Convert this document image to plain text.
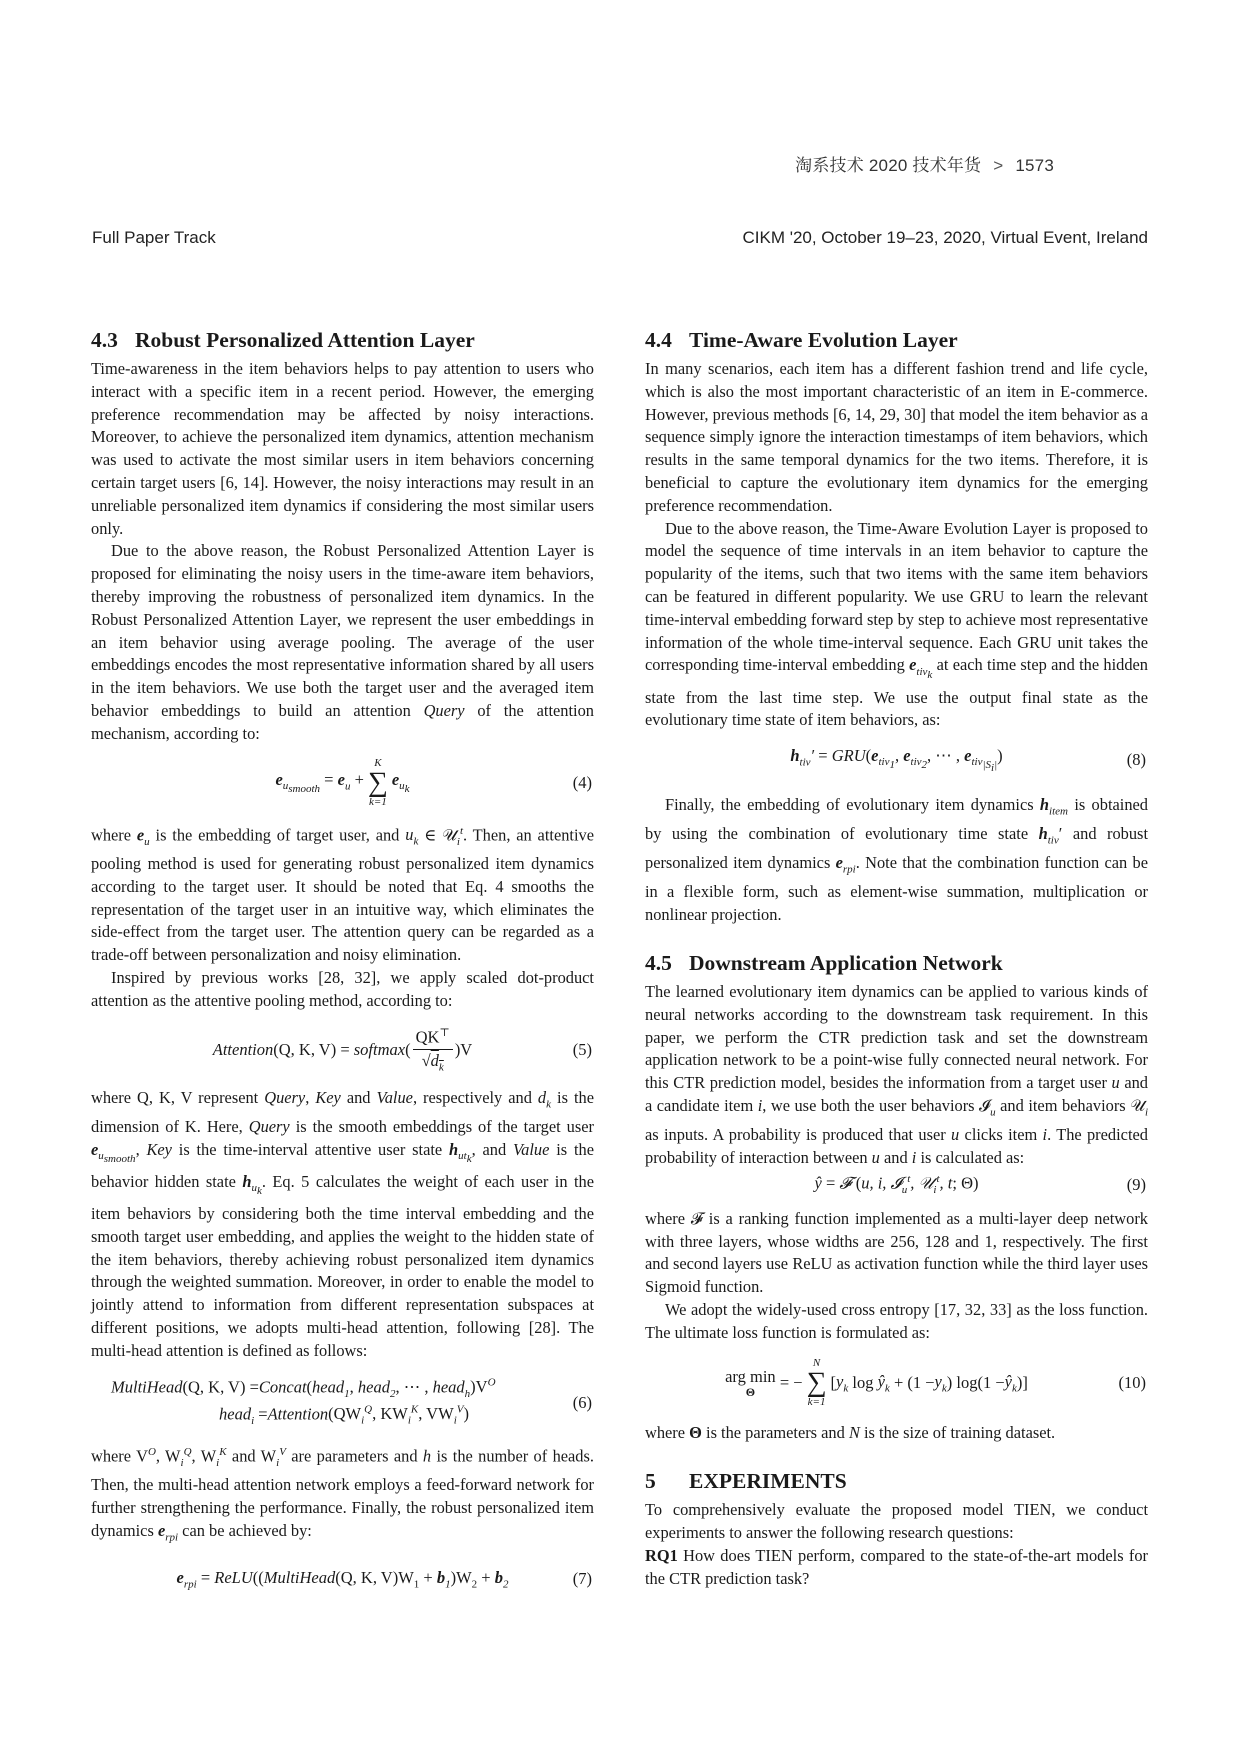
淘系技术 2020 技术年货 > 1573
Full Paper Track	CIKM '20, October 19–23, 2020, Virtual Event, Ireland
4.3 Robust Personalized Attention Layer

Time-awareness in the item behaviors helps to pay attention to users who interact with a specific item in a recent period. However, the emerging preference recommendation may be affected by noisy interactions. Moreover, to achieve the personalized item dynamics, attention mechanism was used to activate the most similar users in item behaviors concerning certain target users [6, 14]. However, the noisy interactions may result in an unreliable personalized item dynamics if considering the most similar users only.

Due to the above reason, the Robust Personalized Attention Layer is proposed for eliminating the noisy users in the time-aware item behaviors, thereby improving the robustness of personalized item dynamics. In the Robust Personalized Attention Layer, we represent the user embeddings in an item behavior using average pooling. The average of the user embeddings encodes the most representative information shared by all users in the item behaviors. We use both the target user and the averaged item behavior embeddings to build an attention Query of the attention mechanism, according to:

$e_{u_{smooth}} = e_u$ +
K
∑
k=1
$e_{u_k}$	(4)

where $e_u$ is the embedding of target user, and $u_k$ ∈ 𝒰$_i^t$. Then, an attentive pooling method is used for generating robust personalized item dynamics according to the target user. It should be noted that Eq. 4 smooths the representation of the target user in an intuitive way, which eliminates the side-effect from the target user. The attention query can be regarded as a trade-off between personalization and noisy elimination.

Inspired by previous works [28, 32], we apply scaled dot-product attention as the attentive pooling method, according to:

Attention(Q, K, V) = softmax( $\frac{QK^⊤}{√d_k} )V$	(5)

where Q, K, V represent Query, Key and Value, respectively and $d_k$ is the dimension of K. Here, Query is the smooth embeddings of the target user $e_{u_{smooth}}$, Key is the time-interval attentive user state $h_{ut_k}$, and Value is the behavior hidden state $h_{u_k}$. Eq. 5 calculates the weight of each user in the item behaviors by considering both the time interval embedding and the smooth target user embedding, and applies the weight to the hidden state of the item behaviors, thereby achieving robust personalized item dynamics through the weighted summation. Moreover, in order to enable the model to jointly attend to information from different representation subspaces at different positions, we adopts multi-head attention, following [28]. The multi-head attention is defined as follows:

MultiHead(Q, K, V) =Concat(head$_1$, head$_2$, ⋯ , $head_h)V^O$
head$_i$ $=Attention(QW_i^Q$, $KW_i^K$, $VW_i^V$)
(6)

where $V^O$, $W_i^Q$, $W_i^K$ and $W_i^V$ are parameters and h is the number of heads. Then, the multi-head attention network employs a feed-forward network for further strengthening the performance. Finally, the robust personalized item dynamics $e_{rpi}$ can be achieved by:

$e_{rpi}$ = ReLU((MultiHead(Q, K, $V)W_1 + b_1)W_2 + b_2$	(7)
4.4 Time-Aware Evolution Layer

In many scenarios, each item has a different fashion trend and life cycle, which is also the most important characteristic of an item in E-commerce. However, previous methods [6, 14, 29, 30] that model the item behavior as a sequence simply ignore the interaction timestamps of item behaviors, which results in the same temporal dynamics for the two items. Therefore, it is beneficial to capture the evolutionary item dynamics for the emerging preference recommendation.

Due to the above reason, the Time-Aware Evolution Layer is proposed to model the sequence of time intervals in an item behavior to capture the popularity of the items, such that two items with the same item behaviors can be featured in different popularity. We use GRU to learn the relevant time-interval embedding forward step by step to achieve most representative information of the whole time-interval sequence. Each GRU unit takes the corresponding time-interval embedding $e_{tiv_k}$ at each time step and the hidden state from the last time step. We use the output final state as the evolutionary time state of item behaviors, as:

$h_{tiv}' = GRU(e_{tiv_1}$, $e_{tiv_2}$, ⋯ , $e_{tiv_{|S_i|}}$)	(8)

Finally, the embedding of evolutionary item dynamics $h_{item}$ is obtained by using the combination of evolutionary time state $h_{tiv}'$ and robust personalized item dynamics $e_{rpi}$. Note that the combination function can be in a flexible form, such as element-wise summation, multiplication or nonlinear projection.

4.5 Downstream Application Network

The learned evolutionary item dynamics can be applied to various kinds of neural networks according to the downstream task requirement. In this paper, we perform the CTR prediction task and set the downstream application network to be a point-wise fully connected neural network. For this CTR prediction model, besides the information from a target user u and a candidate item i, we use both the user behaviors 𝓘$_u$ and item behaviors 𝒰$_i$ as inputs. A probability is produced that user u clicks item i. The predicted probability of interaction between u and i is calculated as:

ŷ = 𝓕 (u, i, 𝓘$_u^t$, 𝒰$_i^t$, t; Θ)	(9)

where 𝓕 is a ranking function implemented as a multi-layer deep network with three layers, whose widths are 256, 128 and 1, respectively. The first and second layers use ReLU as activation function while the third layer uses Sigmoid function.

We adopt the widely-used cross entropy [17, 32, 33] as the loss function. The ultimate loss function is formulated as:

arg min
Θ = −
N
∑
k=1
[ $y_k$ $\log ŷ_k + (1 - y_k$ ) $\log(1 - ŷ_k$ )]	(10)

where Θ is the parameters and N is the size of training dataset.

5 EXPERIMENTS

To comprehensively evaluate the proposed model TIEN, we conduct experiments to answer the following research questions:

RQ1 How does TIEN perform, compared to the state-of-the-art models for the CTR prediction task?
